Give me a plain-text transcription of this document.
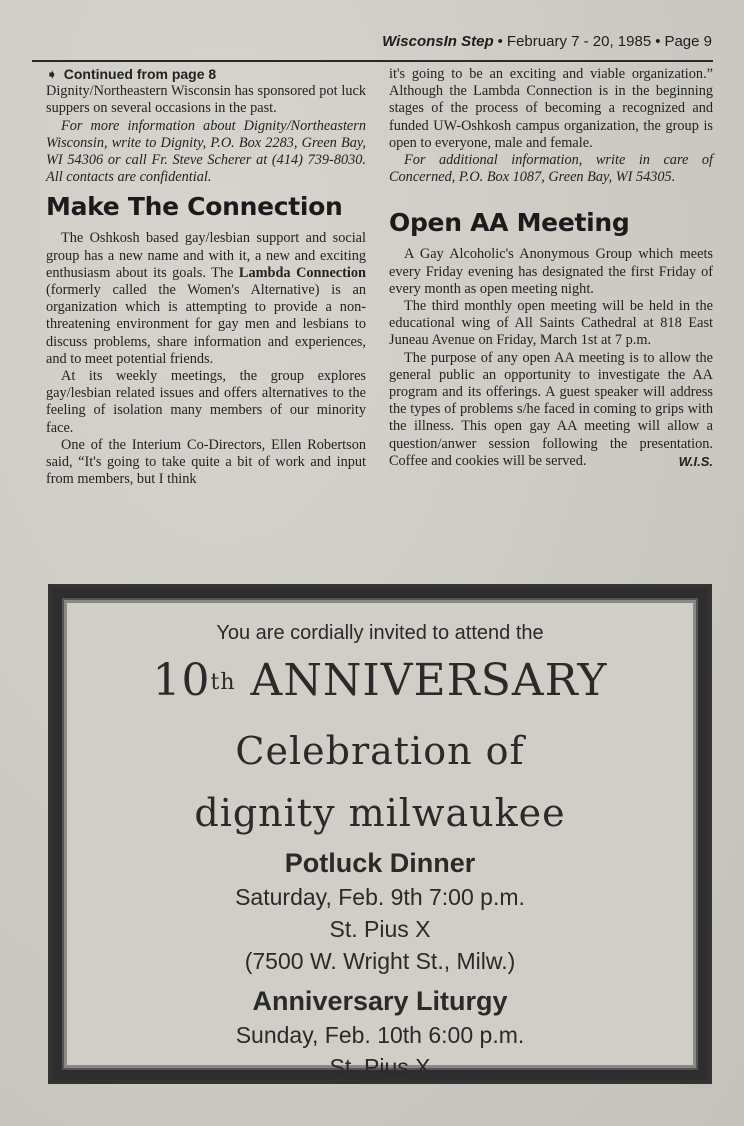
WisconsIn Step • February 7 - 20, 1985 • Page 9

➧ Continued from page 8

Dignity/Northeastern Wisconsin has sponsored pot luck suppers on several occasions in the past.

For more information about Dignity/Northeastern Wisconsin, write to Dignity, P.O. Box 2283, Green Bay, WI 54306 or call Fr. Steve Scherer at (414) 739-8030. All contacts are confidential.

Make The Connection

The Oshkosh based gay/lesbian support and social group has a new name and with it, a new and exciting enthusiasm about its goals. The Lambda Connection (formerly called the Women's Alternative) is an organization which is attempting to provide a non-threatening environment for gay men and lesbians to discuss problems, share information and experiences, and to meet potential friends.

At its weekly meetings, the group explores gay/lesbian related issues and offers alternatives to the feeling of isolation many members of our minority face.

One of the Interium Co-Directors, Ellen Robertson said, “It's going to take quite a bit of work and input from members, but I think

it's going to be an exciting and viable organization.” Although the Lambda Connection is in the beginning stages of the process of becoming a recognized and funded UW-Oshkosh campus organization, the group is open to everyone, male and female.

For additional information, write in care of Concerned, P.O. Box 1087, Green Bay, WI 54305.

Open AA Meeting

A Gay Alcoholic's Anonymous Group which meets every Friday evening has designated the first Friday of every month as open meeting night.

The third monthly open meeting will be held in the educational wing of All Saints Cathedral at 818 East Juneau Avenue on Friday, March 1st at 7 p.m.

The purpose of any open AA meeting is to allow the general public an opportunity to investigate the AA program and its offerings. A guest speaker will address the types of problems s/he faced in coming to grips with the illness. This open gay AA meeting will allow a question/anwer session following the presentation. Coffee and cookies will be served.	W.I.S.

You are cordially invited to attend the
10th ANNIVERSARY
Celebration of
dignity milwaukee
Potluck Dinner
Saturday, Feb. 9th 7:00 p.m.
St. Pius X
(7500 W. Wright St., Milw.)
Anniversary Liturgy
Sunday, Feb. 10th 6:00 p.m.
St. Pius X
